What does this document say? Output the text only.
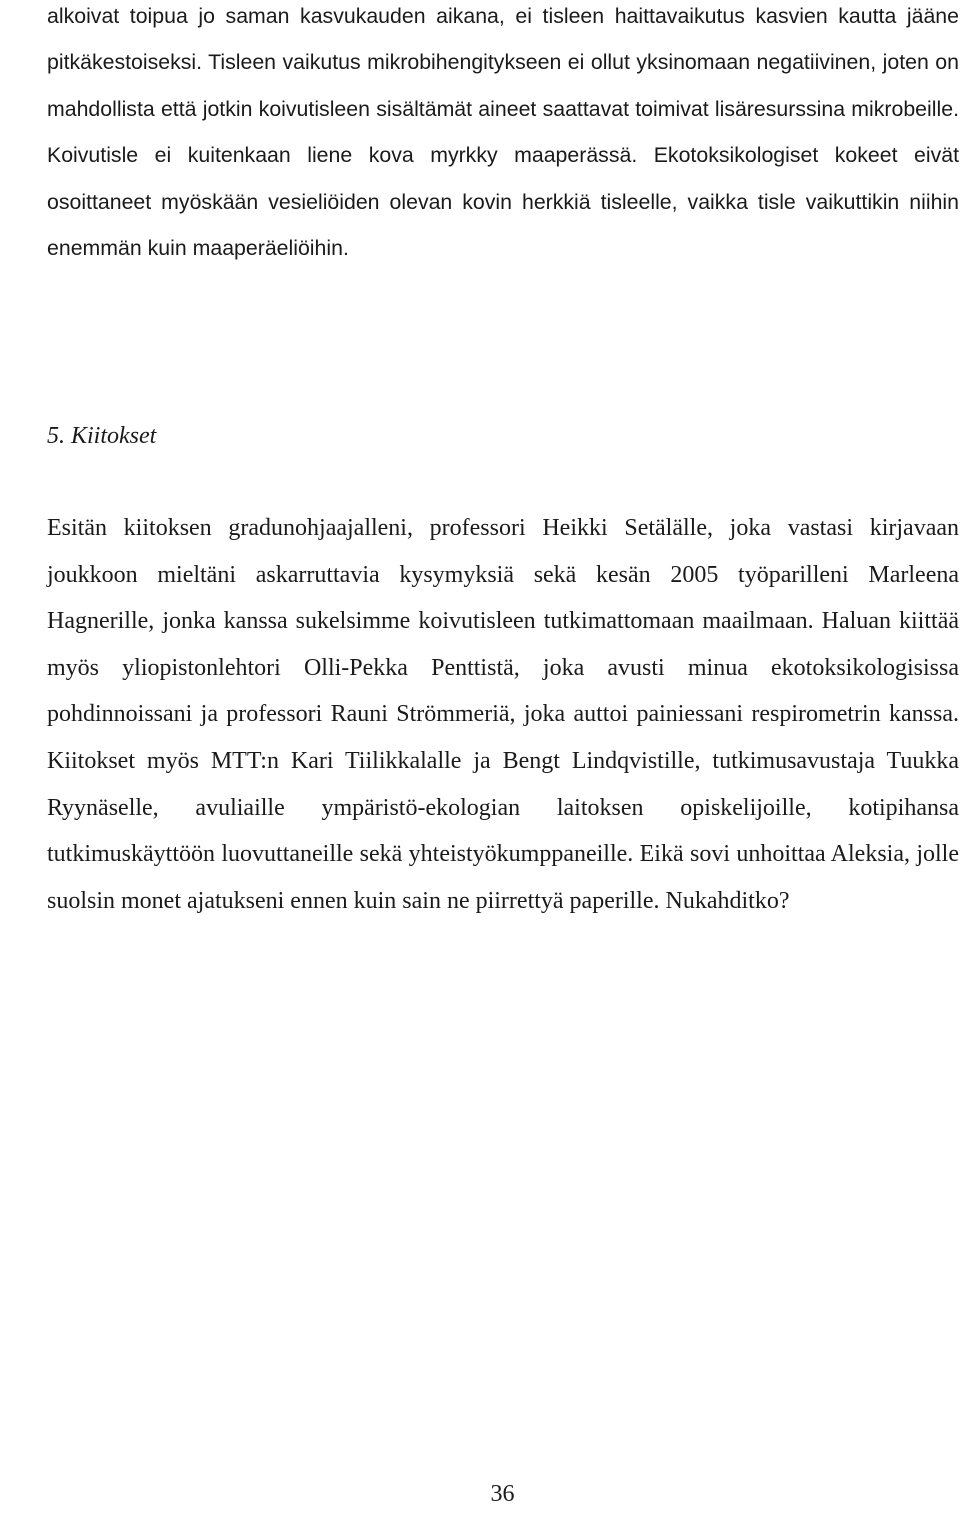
alkoivat toipua jo saman kasvukauden aikana, ei tisleen haittavaikutus kasvien kautta jääne pitkäkestoiseksi. Tisleen vaikutus mikrobihengitykseen ei ollut yksinomaan negatiivinen, joten on mahdollista että jotkin koivutisleen sisältämät aineet saattavat toimivat lisäresurssina mikrobeille. Koivutisle ei kuitenkaan liene kova myrkky maaperässä. Ekotoksikologiset kokeet eivät osoittaneet myöskään vesieliöiden olevan kovin herkkiä tisleelle, vaikka tisle vaikuttikin niihin enemmän kuin maaperäeliöihin.

5. Kiitokset

Esitän kiitoksen gradunohjaajalleni, professori Heikki Setälälle, joka vastasi kirjavaan joukkoon mieltäni askarruttavia kysymyksiä sekä kesän 2005 työparilleni Marleena Hagnerille, jonka kanssa sukelsimme koivutisleen tutkimattomaan maailmaan. Haluan kiittää myös yliopistonlehtori Olli-Pekka Penttistä, joka avusti minua ekotoksikologisissa pohdinnoissani ja professori Rauni Strömmeriä, joka auttoi painiessani respirometrin kanssa. Kiitokset myös MTT:n Kari Tiilikkalalle ja Bengt Lindqvistille, tutkimusavustaja Tuukka Ryynäselle, avuliaille ympäristö-ekologian laitoksen opiskelijoille, kotipihansa tutkimuskäyttöön luovuttaneille sekä yhteistyökumppaneille. Eikä sovi unhoittaa Aleksia, jolle suolsin monet ajatukseni ennen kuin sain ne piirrettyä paperille. Nukahditko?

36
